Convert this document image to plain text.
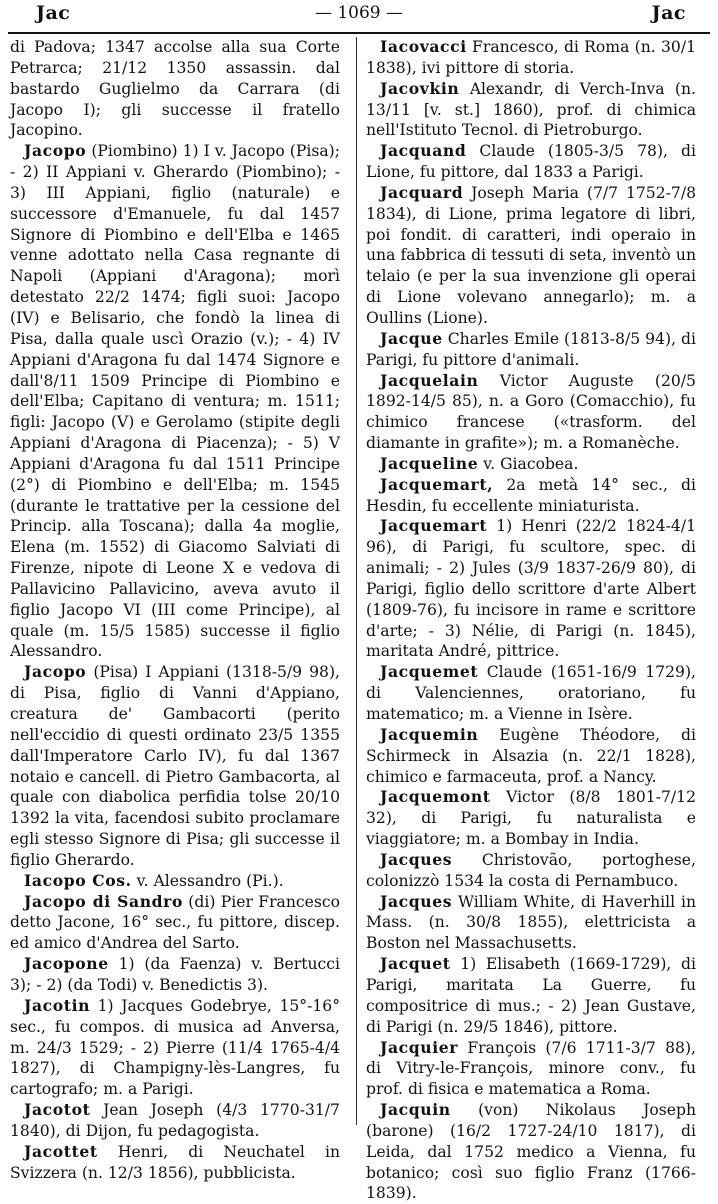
Jac	— 1069 —	Jac

di Padova; 1347 accolse alla sua Corte Petrarca; 21/12 1350 assassin. dal bastardo Guglielmo da Carrara (di Jacopo I); gli successe il fratello Jacopino.

Jacopo (Piombino) 1) I v. Jacopo (Pisa); - 2) II Appiani v. Gherardo (Piombino); - 3) III Appiani, figlio (naturale) e successore d'Emanuele, fu dal 1457 Signore di Piombino e dell'Elba e 1465 venne adottato nella Casa regnante di Napoli (Appiani d'Aragona); morì detestato 22/2 1474; figli suoi: Jacopo (IV) e Belisario, che fondò la linea di Pisa, dalla quale uscì Orazio (v.); - 4) IV Appiani d'Aragona fu dal 1474 Signore e dall'8/11 1509 Principe di Piombino e dell'Elba; Capitano di ventura; m. 1511; figli: Jacopo (V) e Gerolamo (stipite degli Appiani d'Aragona di Piacenza); - 5) V Appiani d'Aragona fu dal 1511 Principe (2°) di Piombino e dell'Elba; m. 1545 (durante le trattative per la cessione del Princip. alla Toscana); dalla 4a moglie, Elena (m. 1552) di Giacomo Salviati di Firenze, nipote di Leone X e vedova di Pallavicino Pallavicino, aveva avuto il figlio Jacopo VI (III come Principe), al quale (m. 15/5 1585) successe il figlio Alessandro.

Jacopo (Pisa) I Appiani (1318-5/9 98), di Pisa, figlio di Vanni d'Appiano, creatura de' Gambacorti (perito nell'eccidio di questi ordinato 23/5 1355 dall'Imperatore Carlo IV), fu dal 1367 notaio e cancell. di Pietro Gambacorta, al quale con diabolica perfidia tolse 20/10 1392 la vita, facendosi subito proclamare egli stesso Signore di Pisa; gli successe il figlio Gherardo.

Iacopo Cos. v. Alessandro (Pi.).

Jacopo di Sandro (di) Pier Francesco detto Jacone, 16° sec., fu pittore, discep. ed amico d'Andrea del Sarto.

Jacopone 1) (da Faenza) v. Bertucci 3); - 2) (da Todi) v. Benedictis 3).

Jacotin 1) Jacques Godebrye, 15°-16° sec., fu compos. di musica ad Anversa, m. 24/3 1529; - 2) Pierre (11/4 1765-4/4 1827), di Champigny-lès-Langres, fu cartografo; m. a Parigi.

Jacotot Jean Joseph (4/3 1770-31/7 1840), di Dijon, fu pedagogista.

Jacottet Henri, di Neuchatel in Svizzera (n. 12/3 1856), pubblicista.

Iacovacci Francesco, di Roma (n. 30/1 1838), ivi pittore di storia.

Jacovkin Alexandr, di Verch-Inva (n. 13/11 [v. st.] 1860), prof. di chimica nell'Istituto Tecnol. di Pietroburgo.

Jacquand Claude (1805-3/5 78), di Lione, fu pittore, dal 1833 a Parigi.

Jacquard Joseph Maria (7/7 1752-7/8 1834), di Lione, prima legatore di libri, poi fondit. di caratteri, indi operaio in una fabbrica di tessuti di seta, inventò un telaio (e per la sua invenzione gli operai di Lione volevano annegarlo); m. a Oullins (Lione).

Jacque Charles Emile (1813-8/5 94), di Parigi, fu pittore d'animali.

Jacquelain Victor Auguste (20/5 1892-14/5 85), n. a Goro (Comacchio), fu chimico francese («trasform. del diamante in grafite»); m. a Romanèche.

Jacqueline v. Giacobea.

Jacquemart, 2a metà 14° sec., di Hesdin, fu eccellente miniaturista.

Jacquemart 1) Henri (22/2 1824-4/1 96), di Parigi, fu scultore, spec. di animali; - 2) Jules (3/9 1837-26/9 80), di Parigi, figlio dello scrittore d'arte Albert (1809-76), fu incisore in rame e scrittore d'arte; - 3) Nélie, di Parigi (n. 1845), maritata André, pittrice.

Jacquemet Claude (1651-16/9 1729), di Valenciennes, oratoriano, fu matematico; m. a Vienne in Isère.

Jacquemin Eugène Théodore, di Schirmeck in Alsazia (n. 22/1 1828), chimico e farmaceuta, prof. a Nancy.

Jacquemont Victor (8/8 1801-7/12 32), di Parigi, fu naturalista e viaggiatore; m. a Bombay in India.

Jacques Christovão, portoghese, colonizzò 1534 la costa di Pernambuco.

Jacques William White, di Haverhill in Mass. (n. 30/8 1855), elettricista a Boston nel Massachusetts.

Jacquet 1) Elisabeth (1669-1729), di Parigi, maritata La Guerre, fu compositrice di mus.; - 2) Jean Gustave, di Parigi (n. 29/5 1846), pittore.

Jacquier François (7/6 1711-3/7 88), di Vitry-le-François, minore conv., fu prof. di fisica e matematica a Roma.

Jacquin (von) Nikolaus Joseph (barone) (16/2 1727-24/10 1817), di Leida, dal 1752 medico a Vienna, fu botanico; così suo figlio Franz (1766-1839).
